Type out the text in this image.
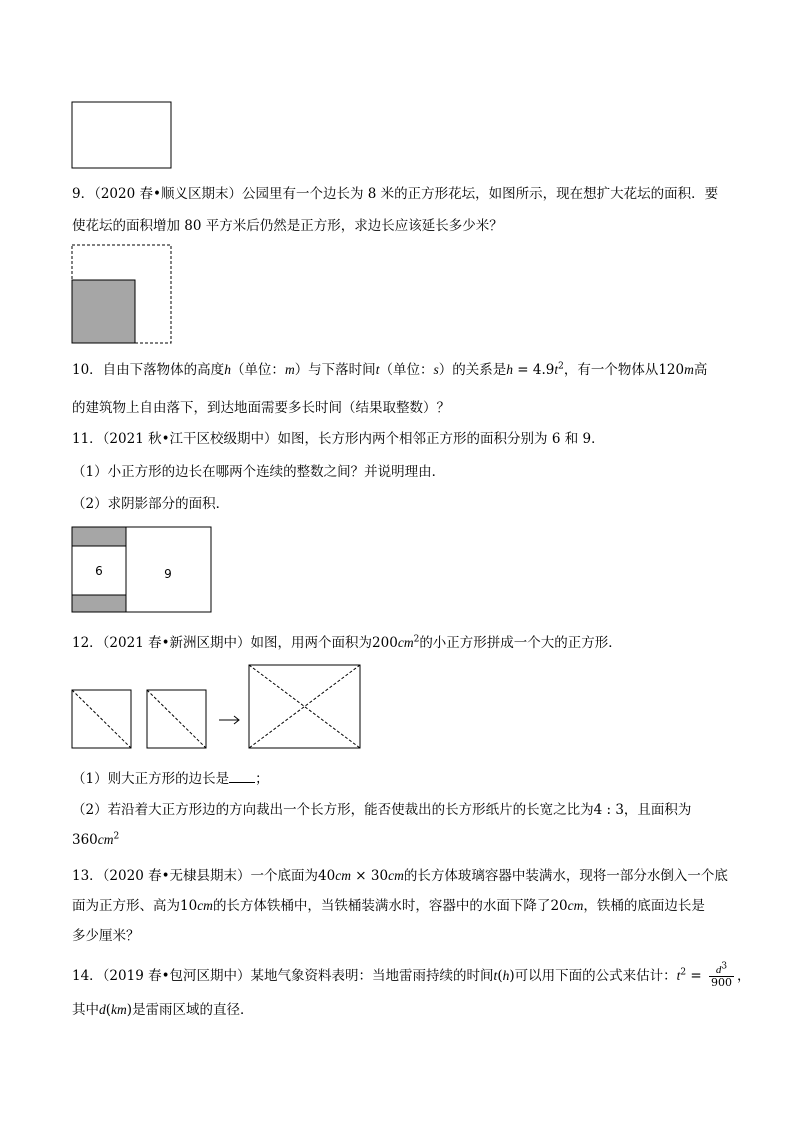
9．（2020 春•顺义区期末）公园里有一个边长为 8 米的正方形花坛，如图所示，现在想扩大花坛的面积．要
使花坛的面积增加 80 平方米后仍然是正方形，求边长应该延长多少米？
10．自由下落物体的高度h（单位：m）与下落时间t（单位：s）的关系是$h = 4.9t^2$，有一个物体从120m高
的建筑物上自由落下，到达地面需要多长时间（结果取整数）？
11．（2021 秋•江干区校级期中）如图，长方形内两个相邻正方形的面积分别为 6 和 9．
（1）小正方形的边长在哪两个连续的整数之间？并说明理由．
（2）求阴影部分的面积．
6	9
12．（2021 春•新洲区期中）如图，用两个面积为$200cm^2$的小正方形拼成一个大的正方形．
（1）则大正方形的边长是 ；
（2）若沿着大正方形边的方向裁出一个长方形，能否使裁出的长方形纸片的长宽之比为4 : 3，且面积为
$360cm^2$
13．（2020 春•无棣县期末）一个底面为40cm × 30cm的长方体玻璃容器中装满水，现将一部分水倒入一个底
面为正方形、高为10cm的长方体铁桶中，当铁桶装满水时，容器中的水面下降了20cm，铁桶的底面边长是
多少厘米？
14．（2019 春•包河区期中）某地气象资料表明：当地雷雨持续的时间t(h)可以用下面的公式来估计：$t^2 = \frac{d^3}{900}$ ，
其中d(km)是雷雨区域的直径．
